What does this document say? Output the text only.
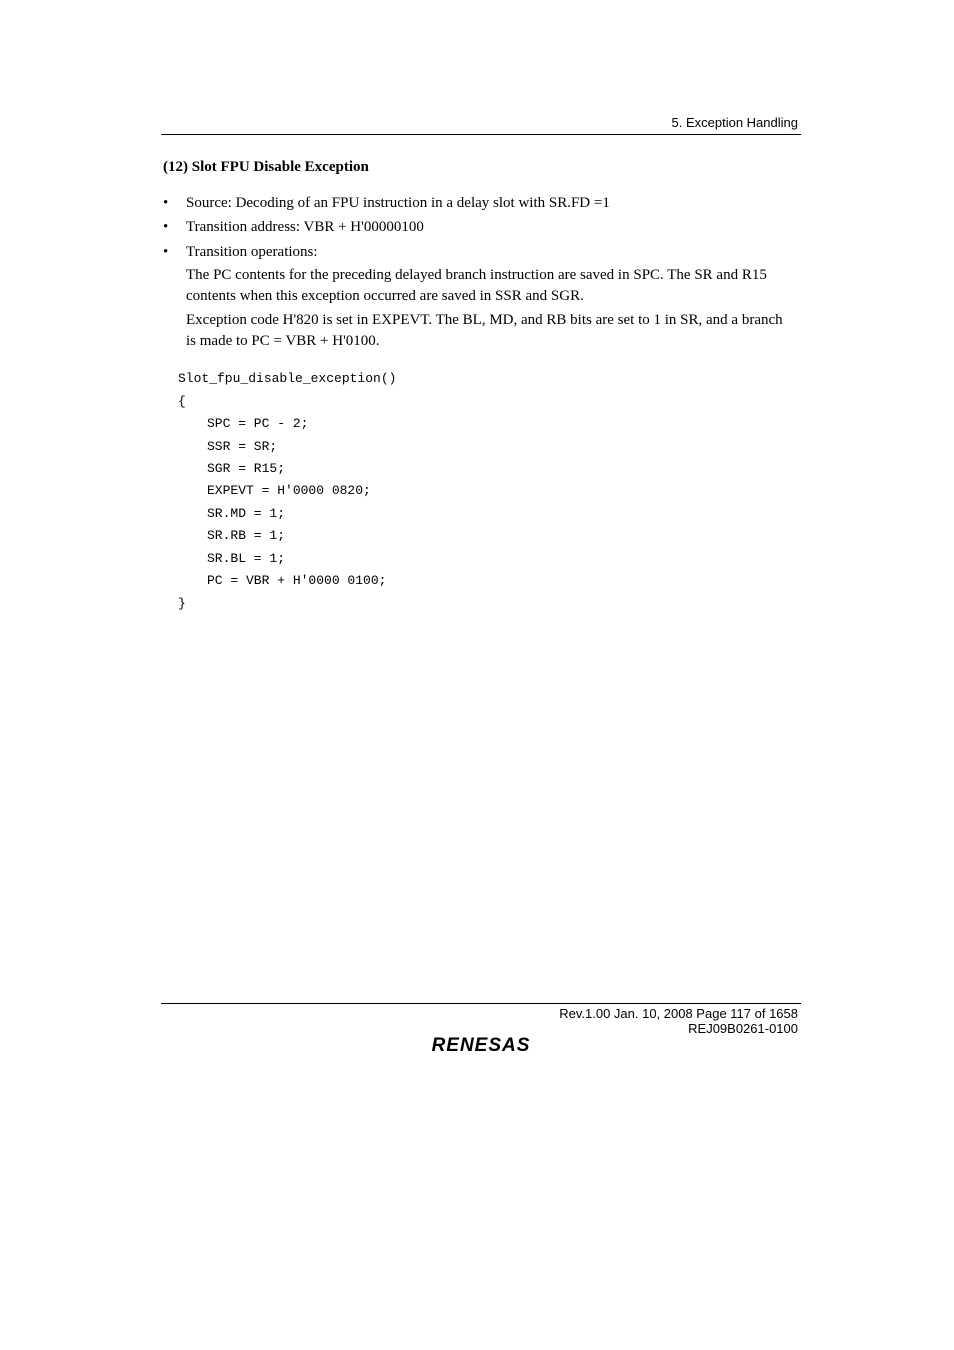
5. Exception Handling
(12) Slot FPU Disable Exception
• Source: Decoding of an FPU instruction in a delay slot with SR.FD =1
• Transition address: VBR + H'00000100
• Transition operations:
The PC contents for the preceding delayed branch instruction are saved in SPC. The SR and R15 contents when this exception occurred are saved in SSR and SGR.
Exception code H'820 is set in EXPEVT. The BL, MD, and RB bits are set to 1 in SR, and a branch is made to PC = VBR + H'0100.
Slot_fpu_disable_exception()
{
SPC = PC - 2;
SSR = SR;
SGR = R15;
EXPEVT = H'0000 0820;
SR.MD = 1;
SR.RB = 1;
SR.BL = 1;
PC = VBR + H'0000 0100;
}
Rev.1.00 Jan. 10, 2008 Page 117 of 1658
REJ09B0261-0100
RENESAS
